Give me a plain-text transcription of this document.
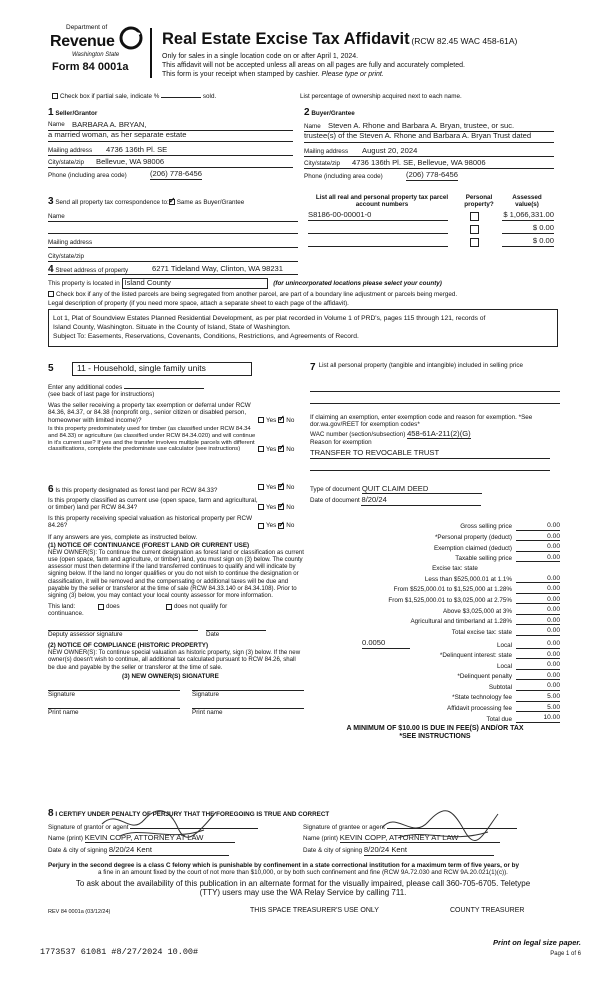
Department of
Revenue
Washington State
Form 84 0001a
Real Estate Excise Tax Affidavit (RCW 82.45 WAC 458-61A)
Only for sales in a single location code on or after April 1, 2024.
This affidavit will not be accepted unless all areas on all pages are fully and accurately completed.
This form is your receipt when stamped by cashier. Please type or print.
Check box if partial sale, indicate %	sold.	List percentage of ownership acquired next to each name.
1 Seller/Grantor
Name BARBARA A. BRYAN,
a married woman, as her separate estate
Mailing address 4736 136th Pl. SE
City/state/zip Bellevue, WA 98006
Phone (including area code)	(206) 778-6456
2 Buyer/Grantee
Name Steven A. Rhone and Barbara A. Bryan, trustee, or suc.
trustee(s) of the Steven A. Rhone and Barbara A. Bryan Trust dated
Mailing address August 20, 2024
City/state/zip 4736 136th Pl. SE, Bellevue, WA 98006
Phone (including area code)	(206) 778-6456
3 Send all property tax correspondence to: ✓ Same as Buyer/Grantee
Name
Mailing address
City/state/zip
List all real and personal property tax parcel account numbers
Personal property?
Assessed value(s)
S8186-00-00001-0	$ 1,066,331.00
$ 0.00
$ 0.00
4 Street address of property	6271 Tideland Way, Clinton, WA 98231
This property is located in Island County	(for unincorporated locations please select your county)
Check box if any of the listed parcels are being segregated from another parcel, are part of a boundary line adjustment or parcels being merged.
Legal description of property (if you need more space, attach a separate sheet to each page of the affidavit).
Lot 1, Plat of Soundview Estates Planned Residential Development, as per plat recorded in Volume 1 of PRD's, pages 115 through 121, records of
Island County, Washington. Situate in the County of Island, State of Washington.
Subject To: Easements, Reservations, Covenants, Conditions, Restrictions, and Agreements of Record.
5	11 - Household, single family units
Enter any additional codes
(see back of last page for instructions)
Was the seller receiving a property tax exemption or deferral under RCW 84.36, 84.37, or 84.38 (nonprofit org., senior citizen or disabled person, homeowner with limited income)?	Yes ✓ No
Is this property predominately used for timber (as classified under RCW 84.34 and 84.33) or agriculture (as classified under RCW 84.34.020) and will continue in it's current use? If yes and the transfer involves multiple parcels with different classifications, complete the predominate use calculator (see instructions)	Yes ✓ No
6 Is this property designated as forest land per RCW 84.33?	Yes ✓ No
Is this property classified as current use (open space, farm and agricultural, or timber) land per RCW 84.34?	Yes ✓ No
Is this property receiving special valuation as historical property per RCW 84.26?	Yes ✓ No
If any answers are yes, complete as instructed below.
(1) NOTICE OF CONTINUANCE (FOREST LAND OR CURRENT USE)
NEW OWNER(S): To continue the current designation as forest land or classification as current use (open space, farm and agriculture, or timber) land, you must sign on (3) below. The county assessor must then determine if the land transferred continues to qualify and will indicate by signing below. If the land no longer qualifies or you do not wish to continue the designation or classification, it will be removed and the compensating or additional taxes will be due and payable by the seller or transferor at the time of sale (RCW 84.33.140 or 84.34.108). Prior to signing (3) below, you may contact your local county assessor for more information.
This land:	does	does not qualify for
continuance.
Deputy assessor signature	Date
(2) NOTICE OF COMPLIANCE (HISTORIC PROPERTY)
NEW OWNER(S): To continue special valuation as historic property, sign (3) below. If the new owner(s) doesn't wish to continue, all additional tax calculated pursuant to RCW 84.26, shall be due and payable by the seller or transferor at the time of sale.
(3) NEW OWNER(S) SIGNATURE
Signature	Signature
Print name	Print name
7 List all personal property (tangible and intangible) included in selling price
If claiming an exemption, enter exemption code and reason for exemption. *See dor.wa.gov/REET for exemption codes*
WAC number (section/subsection) 458-61A-211(2)(G)
Reason for exemption
TRANSFER TO REVOCABLE TRUST
Type of document QUIT CLAIM DEED
Date of document 8/20/24
Gross selling price	0.00
*Personal property (deduct)	0.00
Exemption claimed (deduct)	0.00
Taxable selling price	0.00
Excise tax: state
Less than $525,000.01 at 1.1%	0.00
From $525,000.01 to $1,525,000 at 1.28%	0.00
From $1,525,000.01 to $3,025,000 at 2.75%	0.00
Above $3,025,000 at 3%	0.00
Agricultural and timberland at 1.28%	0.00
Total excise tax: state	0.00
0.0050	Local	0.00
*Delinquent interest: state	0.00
Local	0.00
*Delinquent penalty	0.00
Subtotal	0.00
*State technology fee	5.00
Affidavit processing fee	5.00
Total due	10.00
A MINIMUM OF $10.00 IS DUE IN FEE(S) AND/OR TAX
*SEE INSTRUCTIONS
8 I CERTIFY UNDER PENALTY OF PERJURY THAT THE FOREGOING IS TRUE AND CORRECT
Signature of grantor or agent	Signature of grantee or agent
Name (print) KEVIN COPP, ATTORNEY AT LAW	Name (print) KEVIN COPP, ATTORNEY AT LAW
Date & city of signing 8/20/24 Kent	Date & city of signing 8/20/24 Kent
Perjury in the second degree is a class C felony which is punishable by confinement in a state correctional institution for a maximum term of five years, or by
a fine in an amount fixed by the court of not more than $10,000, or by both such confinement and fine (RCW 9A.72.030 and RCW 9A.20.021(1)(c)).
To ask about the availability of this publication in an alternate format for the visually impaired, please call 360-705-6705. Teletype
(TTY) users may use the WA Relay Service by calling 711.
REV 84 0001a (03/12/24)	THIS SPACE TREASURER'S USE ONLY	COUNTY TREASURER
1773537 61081 #8/27/2024 10.00#
Print on legal size paper.
Page 1 of 6
